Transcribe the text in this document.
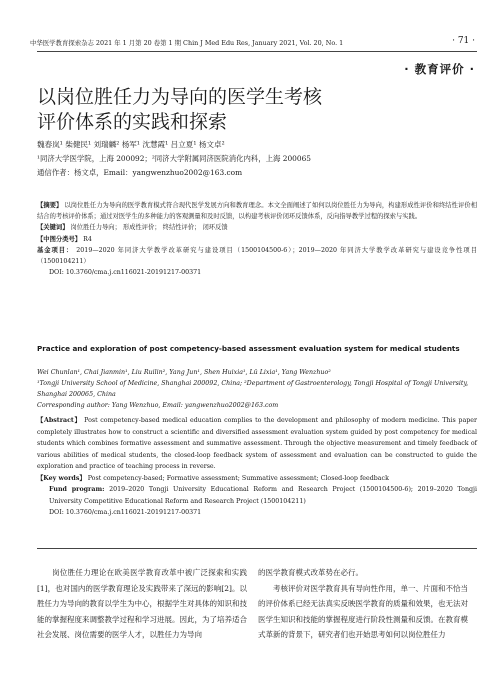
中华医学教育探索杂志 2021 年 1 月第 20 卷第 1 期 Chin J Med Edu Res, January 2021, Vol. 20, No. 1	· 71 ·
· 教育评价 ·
以岗位胜任力为导向的医学生考核
评价体系的实践和探索
魏春岚¹ 柴健民¹ 刘瑞麟² 杨军¹ 沈慧霞¹ 吕立夏¹ 杨文卓²
¹同济大学医学院，上海 200092；²同济大学附属同济医院消化内科，上海 200065
通信作者：杨文卓，Email：yangwenzhuo2002@163.com
【摘要】 以岗位胜任力为导向的医学教育模式符合现代医学发展方向和教育理念。本文全面阐述了如何以岗位胜任力为导向，构建形成性评价和终结性评价相结合的考核评价体系；通过对医学生的多种能力的客观测量和及时反馈，以构建考核评价闭环反馈体系，反向指导教学过程的探索与实践。
【关键词】 岗位胜任力导向； 形成性评价； 终结性评价； 闭环反馈
【中图分类号】 R4
基金项目： 2019—2020 年同济大学教学改革研究与建设项目（1500104500-6）；2019—2020 年同济大学教学改革研究与建设竞争性项目（1500104211）
DOI: 10.3760/cma.j.cn116021-20191217-00371
Practice and exploration of post competency-based assessment evaluation system for medical students
Wei Chunlan¹, Chai Jianmin¹, Liu Ruilin², Yang Jun¹, Shen Huixia¹, Lü Lixia¹, Yang Wenzhuo²
¹Tongji University School of Medicine, Shanghai 200092, China; ²Department of Gastroenterology, Tongji Hospital of Tongji University, Shanghai 200065, China
Corresponding author: Yang Wenzhuo, Email: yangwenzhuo2002@163.com
【Abstract】 Post competency-based medical education complies to the development and philosophy of modern medicine. This paper completely illustrates how to construct a scientific and diversified assessment evaluation system guided by post competency for medical students which combines formative assessment and summative assessment. Through the objective measurement and timely feedback of various abilities of medical students, the closed-loop feedback system of assessment and evaluation can be constructed to guide the exploration and practice of teaching process in reverse.
【Key words】 Post competency-based; Formative assessment; Summative assessment; Closed-loop feedback
Fund program: 2019–2020 Tongji University Educational Reform and Research Project (1500104500-6); 2019–2020 Tongji University Competitive Educational Reform and Research Project (1500104211)
DOI: 10.3760/cma.j.cn116021-20191217-00371
岗位胜任力理论在欧美医学教育改革中被广泛探索和实践[1]，也对国内的医学教育理论及实践带来了深远的影响[2]。以胜任力为导向的教育以学生为中心，根据学生对具体的知识和技能的掌握程度来调整教学过程和学习进展。因此，为了培养适合社会发展、岗位需要的医学人才，以胜任力为导向
的医学教育模式改革势在必行。
考核评价对医学教育具有导向性作用，单一、片面和不恰当的评价体系已经无法真实反映医学教育的质量和效果，也无法对医学生知识和技能的掌握程度进行阶段性测量和反馈。在教育模式革新的背景下，研究者们也开始思考如何以岗位胜任力
